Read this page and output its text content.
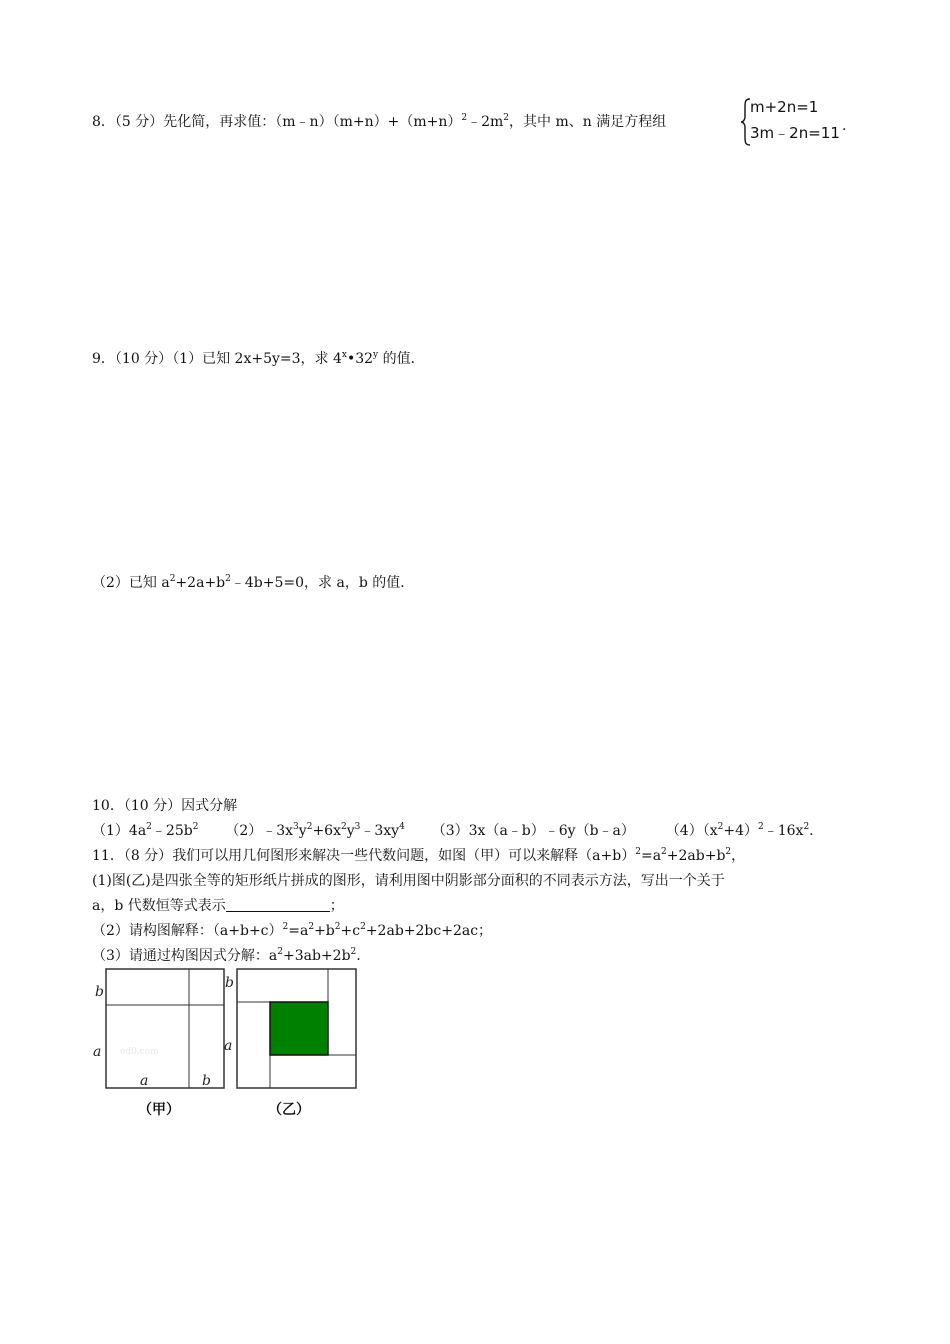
8．（5 分）先化简，再求值：$(m﹣n)(m+n)+(m+n)^2﹣2m^2$，其中 m、n 满足方程组
m+2n=1
3m﹣2n=11 .
9．（10 分）（1）已知 2x+5y=3，求 4$^x$•32$^y$ 的值．
（2）已知 $a^2+2a+b^2﹣4b+5=0$，求 a，b 的值．
10．（10 分）因式分解
$(1)4a^2﹣25b^2$ $(2)﹣3x^3y^2+6x^2y^3﹣3xy^4$ （3）3x（a﹣b）﹣6y（b﹣a） $(4)(x^2+4)^2﹣16x^2$.
11．（8 分）我们可以用几何图形来解决一些代数问题，如图（甲）可以来解释$(a+b)^2=a^2+2ab+b^2$，
(1)图(乙)是四张全等的矩形纸片拼成的图形，请利用图中阴影部分面积的不同表示方法，写出一个关于
a，b 代数恒等式表示	；
（2）请构图解释：$(a+b+c)^2=a^2+b^2+c^2+2ab+2bc+2ac$；
（3）请通过构图因式分解：$a^2+3ab+2b^2$.
b
a
a	b
ed0.com
（甲）
b
a
（乙）
